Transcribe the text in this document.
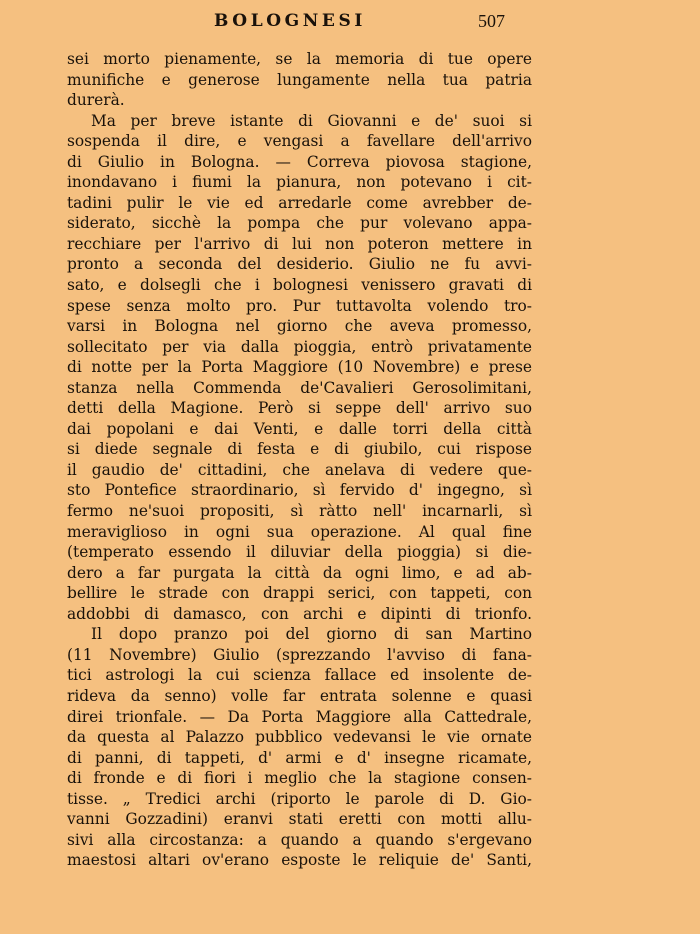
BOLOGNESI	507
sei morto pienamente, se la memoria di tue opere
munifiche e generose lungamente nella tua patria
durerà.
Ma per breve istante di Giovanni e de' suoi si
sospenda il dire, e vengasi a favellare dell'arrivo
di Giulio in Bologna. — Correva piovosa stagione,
inondavano i fiumi la pianura, non potevano i cit-
tadini pulir le vie ed arredarle come avrebber de-
siderato, sicchè la pompa che pur volevano appa-
recchiare per l'arrivo di lui non poteron mettere in
pronto a seconda del desiderio. Giulio ne fu avvi-
sato, e dolsegli che i bolognesi venissero gravati di
spese senza molto pro. Pur tuttavolta volendo tro-
varsi in Bologna nel giorno che aveva promesso,
sollecitato per via dalla pioggia, entrò privatamente
di notte per la Porta Maggiore (10 Novembre) e prese
stanza nella Commenda de'Cavalieri Gerosolimitani,
detti della Magione. Però si seppe dell' arrivo suo
dai popolani e dai Venti, e dalle torri della città
si diede segnale di festa e di giubilo, cui rispose
il gaudio de' cittadini, che anelava di vedere que-
sto Pontefice straordinario, sì fervido d' ingegno, sì
fermo ne'suoi propositi, sì ràtto nell' incarnarli, sì
meraviglioso in ogni sua operazione. Al qual fine
(temperato essendo il diluviar della pioggia) si die-
dero a far purgata la città da ogni limo, e ad ab-
bellire le strade con drappi serici, con tappeti, con
addobbi di damasco, con archi e dipinti di trionfo.
Il dopo pranzo poi del giorno di san Martino
(11 Novembre) Giulio (sprezzando l'avviso di fana-
tici astrologi la cui scienza fallace ed insolente de-
rideva da senno) volle far entrata solenne e quasi
direi trionfale. — Da Porta Maggiore alla Cattedrale,
da questa al Palazzo pubblico vedevansi le vie ornate
di panni, di tappeti, d' armi e d' insegne ricamate,
di fronde e di fiori i meglio che la stagione consen-
tisse. „ Tredici archi (riporto le parole di D. Gio-
vanni Gozzadini) eranvi stati eretti con motti allu-
sivi alla circostanza: a quando a quando s'ergevano
maestosi altari ov'erano esposte le reliquie de' Santi,
